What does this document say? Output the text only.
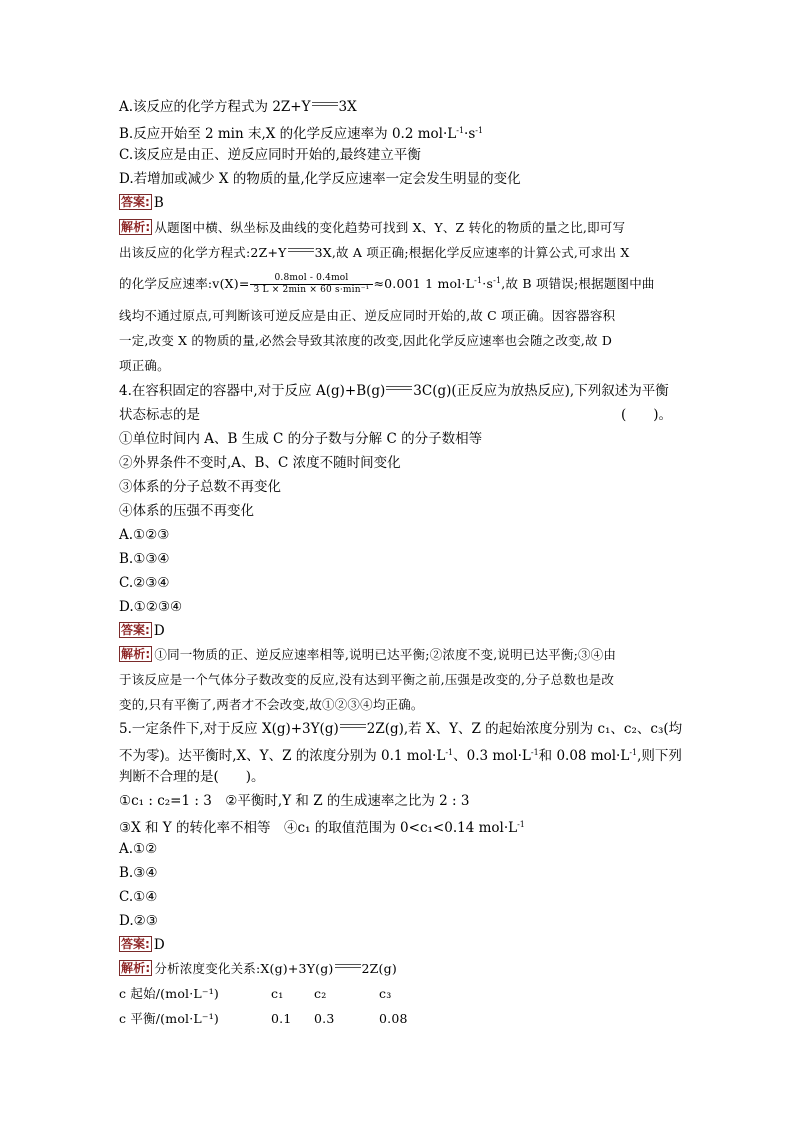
A.该反应的化学方程式为 2Z+Y 3X
B.反应开始至 2 min 末,X 的化学反应速率为 0.2 $mol\cdot L^{-1}\cdot s^{-1}$
C.该反应是由正、逆反应同时开始的,最终建立平衡
D.若增加或减少 X 的物质的量,化学反应速率一定会发生明显的变化
答案: B
解析: 从题图中横、纵坐标及曲线的变化趋势可找到 X、Y、Z 转化的物质的量之比,即可写
出该反应的化学方程式:2Z+Y 3X,故 A 项正确;根据化学反应速率的计算公式,可求出 X
的化学反应速率:v(X)= $\frac{\text{0.8mol - 0.4mol}}{\text{3 L × 2min × 60 s·min⁻¹}} \approx 0.001$ 1 $mol\cdot L^{-1}\cdot s^{-1}$,故 B 项错误;根据题图中曲
线均不通过原点,可判断该可逆反应是由正、逆反应同时开始的,故 C 项正确。因容器容积
一定,改变 X 的物质的量,必然会导致其浓度的改变,因此化学反应速率也会随之改变,故 D
项正确。
4.在容积固定的容器中,对于反应 A(g)+B(g) 3C(g)(正反应为放热反应),下列叙述为平衡
状态标志的是	(　　)。
①单位时间内 A、B 生成 C 的分子数与分解 C 的分子数相等
②外界条件不变时,A、B、C 浓度不随时间变化
③体系的分子总数不再变化
④体系的压强不再变化
A.①②③
B.①③④
C.②③④
D.①②③④
答案: D
解析: ①同一物质的正、逆反应速率相等,说明已达平衡;②浓度不变,说明已达平衡;③④由
于该反应是一个气体分子数改变的反应,没有达到平衡之前,压强是改变的,分子总数也是改
变的,只有平衡了,两者才不会改变,故①②③④均正确。
5.一定条件下,对于反应 X(g)+3Y(g) 2Z(g),若 X、Y、Z 的起始浓度分别为 c₁、c₂、c₃(均
不为零)。达平衡时,X、Y、Z 的浓度分别为 0.1 $mol\cdot L^{-1}$、0.3 $mol\cdot L^{-1}$和 0.08 $mol\cdot L^{-1}$,则下列
判断不合理的是(　　)。
①c₁ : c₂=1 : 3　②平衡时,Y 和 Z 的生成速率之比为 2 : 3
③X 和 Y 的转化率不相等　④c₁ 的取值范围为 0<c₁<0.14 $mol\cdot L^{-1}$
A.①②
B.③④
C.①④
D.②③
答案: D
解析: 分析浓度变化关系:X(g)+3Y(g) 2Z(g)
c 起始/(mol·L⁻¹)	c₁ c₂	c₃
c 平衡/(mol·L⁻¹)	0.1 0.3	0.08
